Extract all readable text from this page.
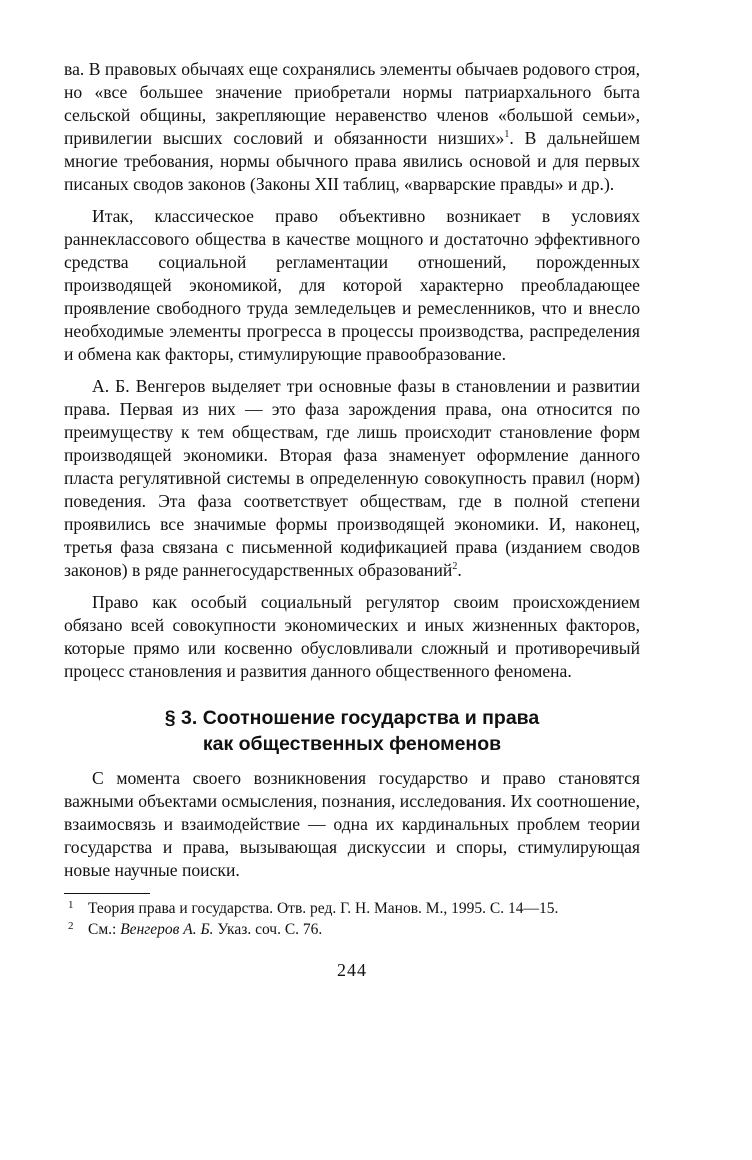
ва. В правовых обычаях еще сохранялись элементы обычаев родового строя, но «все большее значение приобретали нормы патриархального быта сельской общины, закрепляющие неравенство членов «большой семьи», привилегии высших сословий и обязанности низших»$^1$. В дальнейшем многие требования, нормы обычного права явились основой и для первых писаных сводов законов (Законы XII таблиц, «варварские правды» и др.).

Итак, классическое право объективно возникает в условиях раннеклассового общества в качестве мощного и достаточно эффективного средства социальной регламентации отношений, порожденных производящей экономикой, для которой характерно преобладающее проявление свободного труда земледельцев и ремесленников, что и внесло необходимые элементы прогресса в процессы производства, распределения и обмена как факторы, стимулирующие правообразование.

А. Б. Венгеров выделяет три основные фазы в становлении и развитии права. Первая из них — это фаза зарождения права, она относится по преимуществу к тем обществам, где лишь происходит становление форм производящей экономики. Вторая фаза знаменует оформление данного пласта регулятивной системы в определенную совокупность правил (норм) поведения. Эта фаза соответствует обществам, где в полной степени проявились все значимые формы производящей экономики. И, наконец, третья фаза связана с письменной кодификацией права (изданием сводов законов) в ряде раннегосударственных образований$^2$.

Право как особый социальный регулятор своим происхождением обязано всей совокупности экономических и иных жизненных факторов, которые прямо или косвенно обусловливали сложный и противоречивый процесс становления и развития данного общественного феномена.

§ 3. Соотношение государства и права
как общественных феноменов

С момента своего возникновения государство и право становятся важными объектами осмысления, познания, исследования. Их соотношение, взаимосвязь и взаимодействие — одна их кардинальных проблем теории государства и права, вызывающая дискуссии и споры, стимулирующая новые научные поиски.

1 Теория права и государства. Отв. ред. Г. Н. Манов. М., 1995. С. 14—15.

2 См.: Венгеров А. Б. Указ. соч. С. 76.

244
